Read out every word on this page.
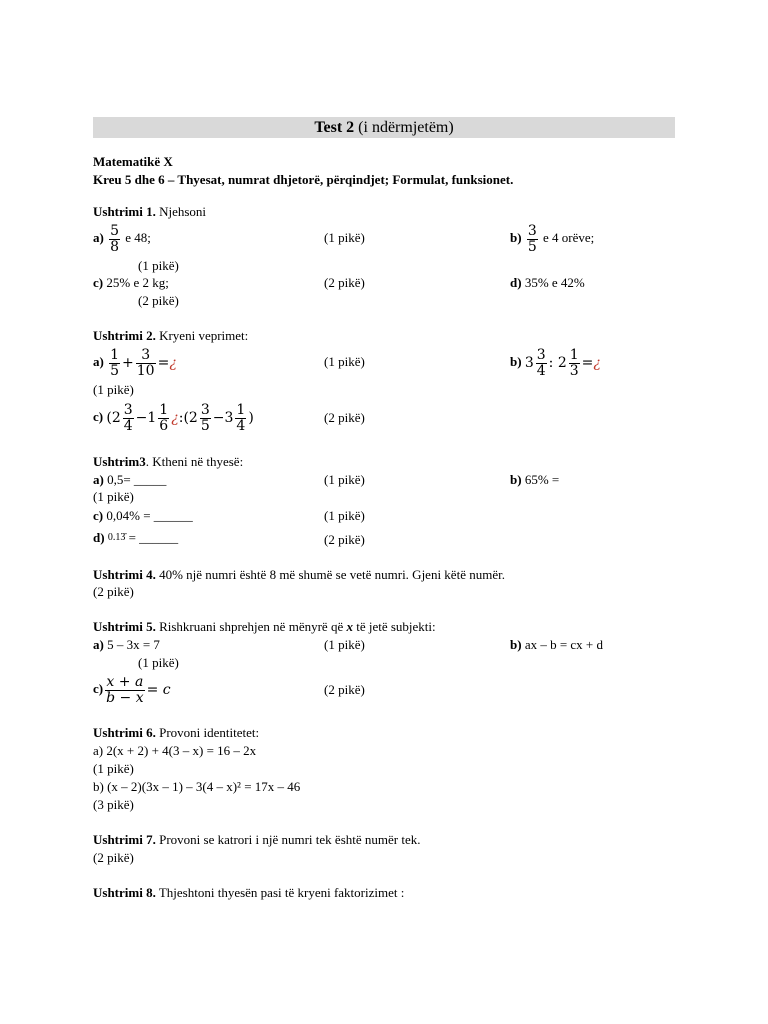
Test 2 (i ndërmjetëm)
Matematikë X
Kreu 5 dhe 6 – Thyesat, numrat dhjetorë, përqindjet; Formulat, funksionet.
Ushtrimi 1. Njehsoni
$a) \frac{5}{8}$ e 48;	(1 pikë)	$b) \frac{3}{5}$ e 4 orëve;
(1 pikë)
c) 25% e 2 kg;	(2 pikë)	d) 35% e 42%
(2 pikë)
Ushtrimi 2. Kryeni veprimet:
$a) \frac{1}{5} + \frac{3}{10}$ =¿	(1 pikë)	b) $3 \frac{3}{4}$ : $2 \frac{1}{3}$ =¿
(1 pikë)
c) ($2 \frac{3}{4} -1 \frac{1}{6}$ ¿:(2 $\frac{3}{5} -3 \frac{1}{4}$ )	(2 pikë)
Ushtrim3. Ktheni në thyesë:
a) 0,5= _____	(1 pikë)	b) 65% =
(1 pikë)
c) 0,04% = ______	(1 pikë)
d) $^{0.13̄}$ = ______	(2 pikë)
Ushtrimi 4. 40% një numri është 8 më shumë se vetë numri. Gjeni këtë numër.
(2 pikë)
Ushtrimi 5. Rishkruani shprehjen në mënyrë që x të jetë subjekti:
a) 5 – 3x = 7	(1 pikë)	b) ax – b = cx + d
(1 pikë)
$c) \frac{x + a}{b - x} = c$	(2 pikë)
Ushtrimi 6. Provoni identitetet:
a) 2(x + 2) + 4(3 – x) = 16 – 2x
(1 pikë)
b) (x – 2)(3x – 1) – 3(4 – x)² = 17x – 46
(3 pikë)
Ushtrimi 7. Provoni se katrori i një numri tek është numër tek.
(2 pikë)
Ushtrimi 8. Thjeshtoni thyesën pasi të kryeni faktorizimet :
